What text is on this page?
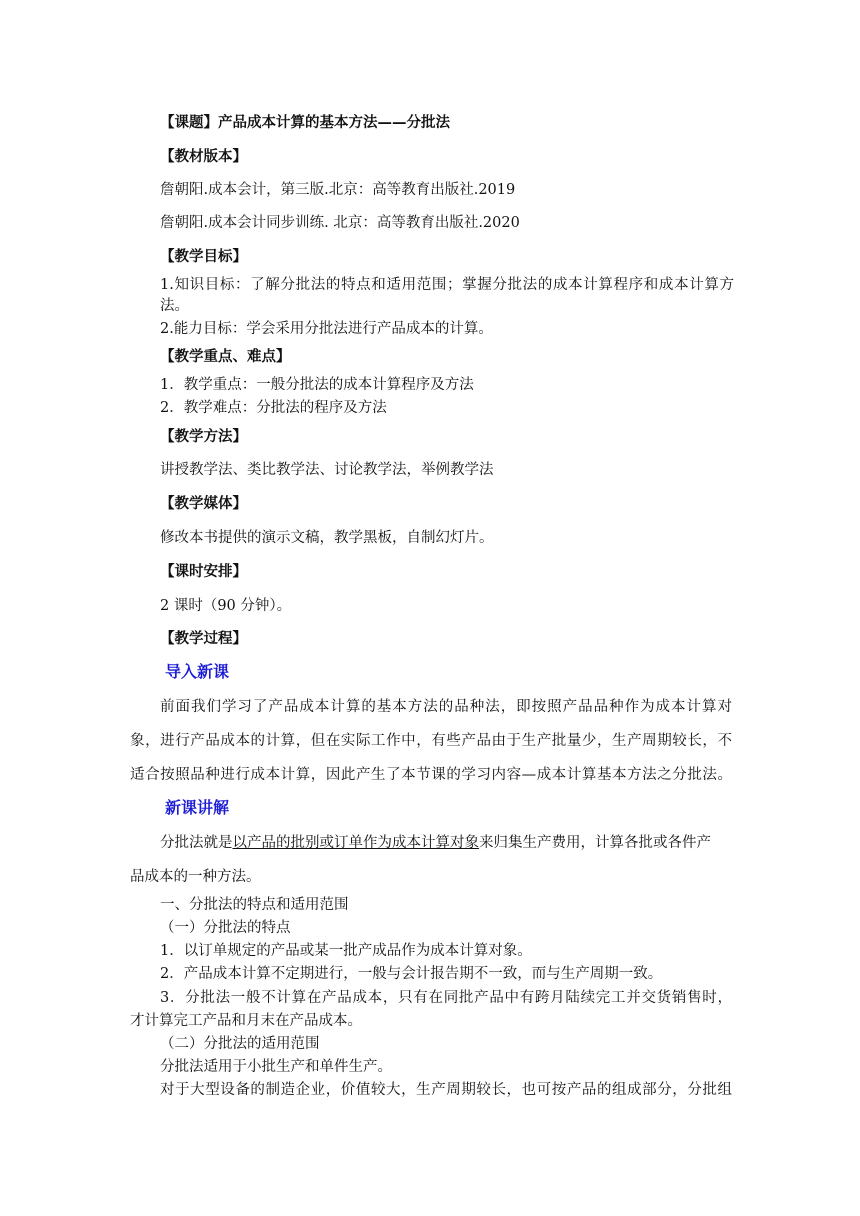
【课题】产品成本计算的基本方法——分批法

【教材版本】

詹朝阳.成本会计，第三版.北京：高等教育出版社.2019

詹朝阳.成本会计同步训练. 北京：高等教育出版社.2020

【教学目标】

1.知识目标：了解分批法的特点和适用范围；掌握分批法的成本计算程序和成本计算方

法。

2.能力目标：学会采用分批法进行产品成本的计算。

【教学重点、难点】

1．教学重点：一般分批法的成本计算程序及方法

2．教学难点：分批法的程序及方法

【教学方法】

讲授教学法、类比教学法、讨论教学法，举例教学法

【教学媒体】

修改本书提供的演示文稿，教学黑板，自制幻灯片。

【课时安排】

2 课时（90 分钟）。

【教学过程】

导入新课

前面我们学习了产品成本计算的基本方法的品种法，即按照产品品种作为成本计算对

象，进行产品成本的计算，但在实际工作中，有些产品由于生产批量少，生产周期较长，不

适合按照品种进行成本计算，因此产生了本节课的学习内容—成本计算基本方法之分批法。

新课讲解

分批法就是以产品的批别或订单作为成本计算对象来归集生产费用，计算各批或各件产

品成本的一种方法。

一、分批法的特点和适用范围

（一）分批法的特点

1．以订单规定的产品或某一批产成品作为成本计算对象。

2．产品成本计算不定期进行，一般与会计报告期不一致，而与生产周期一致。

3．分批法一般不计算在产品成本，只有在同批产品中有跨月陆续完工并交货销售时，

才计算完工产品和月末在产品成本。

（二）分批法的适用范围

分批法适用于小批生产和单件生产。

对于大型设备的制造企业，价值较大，生产周期较长，也可按产品的组成部分，分批组
